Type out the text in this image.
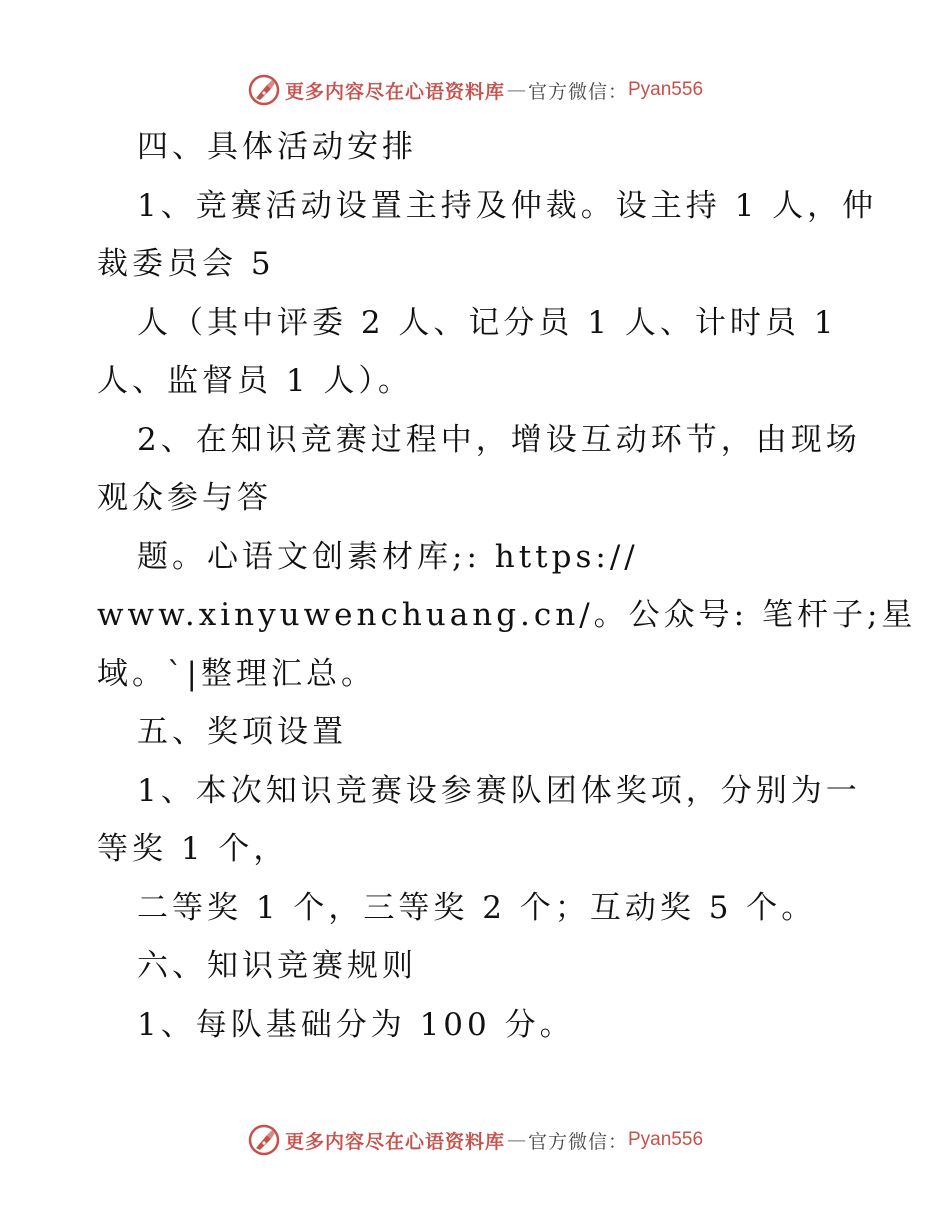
更多内容尽在心语资料库 — 官方微信： Pyan556
四、具体活动安排
1、竞赛活动设置主持及仲裁。设主持 1 人，仲
裁委员会 5
人（其中评委 2 人、记分员 1 人、计时员 1
人、监督员 1 人）。
2、在知识竞赛过程中，增设互动环节，由现场
观众参与答
题。心语文创素材库;: https://
www.xinyuwenchuang.cn/。公众号: 笔杆子;星
域。`|整理汇总。
五、奖项设置
1、本次知识竞赛设参赛队团体奖项，分别为一
等奖 1 个，
二等奖 1 个，三等奖 2 个；互动奖 5 个。
六、知识竞赛规则
1、每队基础分为 100 分。
更多内容尽在心语资料库 — 官方微信： Pyan556
